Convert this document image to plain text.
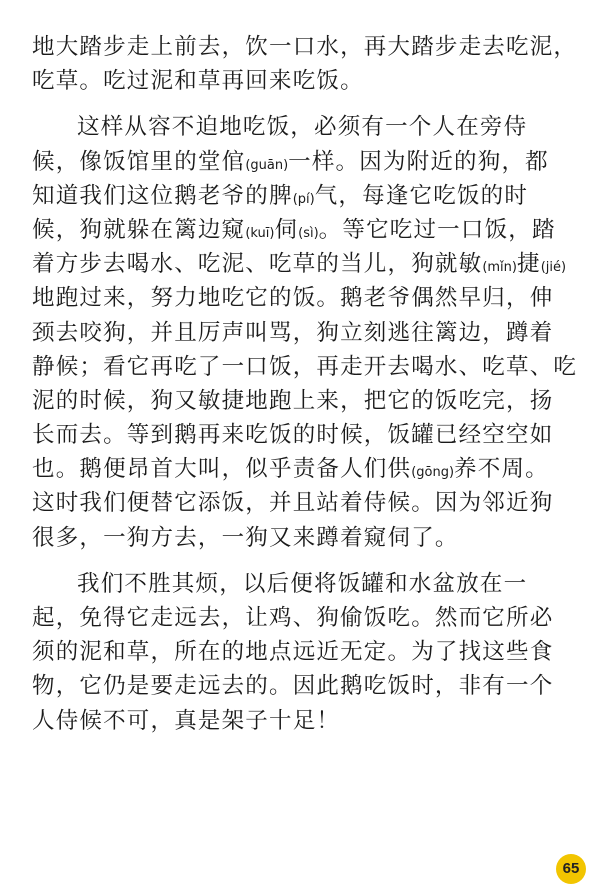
地大踏步走上前去，饮一口水，再大踏步走去吃泥，
吃草。吃过泥和草再回来吃饭。
这样从容不迫地吃饭，必须有一个人在旁侍
候，像饭馆里的堂倌(guān)一样。因为附近的狗，都
知道我们这位鹅老爷的脾(pí)气，每逢它吃饭的时
候，狗就躲在篱边窥(kuī)伺(sì)。等它吃过一口饭，踏
着方步去喝水、吃泥、吃草的当儿，狗就敏(mǐn)捷(jié)
地跑过来，努力地吃它的饭。鹅老爷偶然早归，伸
颈去咬狗，并且厉声叫骂，狗立刻逃往篱边，蹲着
静候；看它再吃了一口饭，再走开去喝水、吃草、吃
泥的时候，狗又敏捷地跑上来，把它的饭吃完，扬
长而去。等到鹅再来吃饭的时候，饭罐已经空空如
也。鹅便昂首大叫，似乎责备人们供(gōng)养不周。
这时我们便替它添饭，并且站着侍候。因为邻近狗
很多，一狗方去，一狗又来蹲着窥伺了。
我们不胜其烦，以后便将饭罐和水盆放在一
起，免得它走远去，让鸡、狗偷饭吃。然而它所必
须的泥和草，所在的地点远近无定。为了找这些食
物，它仍是要走远去的。因此鹅吃饭时，非有一个
人侍候不可，真是架子十足！
65
